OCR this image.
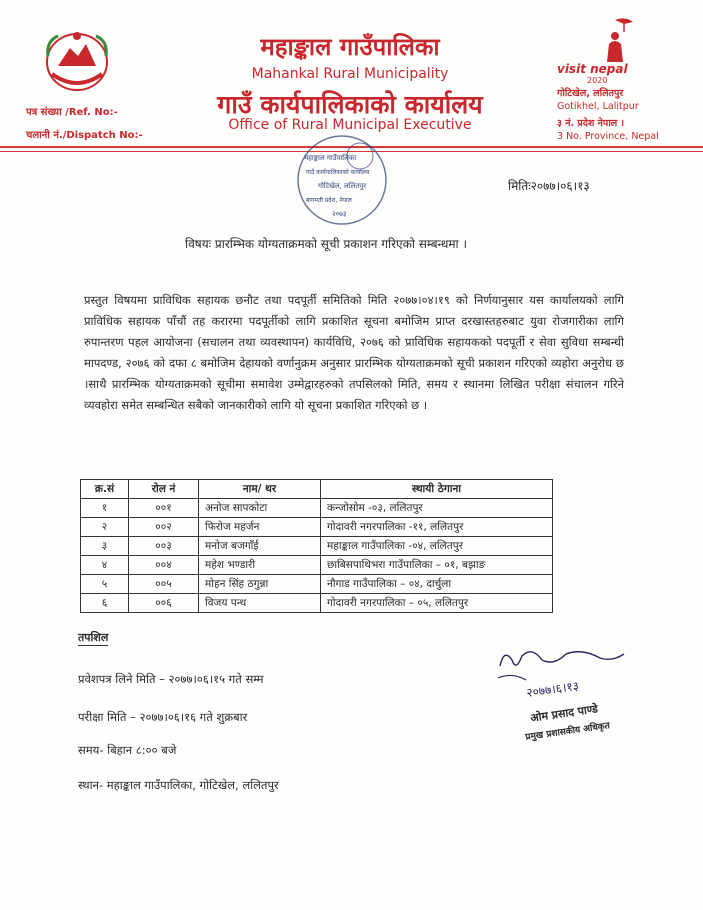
पत्र संख्या /Ref. No:-
चलानी नं./Dispatch No:-
महाङ्काल गाउँपालिका
Mahankal Rural Municipality
गाउँ कार्यपालिकाको कार्यालय
Office of Rural Municipal Executive
visit nepal
2020
गोटिखेल, ललितपुर
Gotikhel, Lalitpur
३ नं. प्रदेश नेपाल ।
3 No. Province, Nepal
महाङ्काल गाउँपालिका
गाउँ कार्यपालिकाको कार्यालय
गोटिखेल, ललितपुर
बागमती प्रदेश, नेपाल
२०७३
मितिः२०७७।०६।१३
विषयः प्रारम्भिक योग्यताक्रमको सूची प्रकाशन गरिएको सम्बन्धमा ।
प्रस्तुत विषयमा प्राविधिक सहायक छनौट तथा पदपूर्ती समितिको मिति २०७७।०४।१९ को निर्णयानुसार यस कार्यालयको लागि प्राविधिक सहायक पाँचौं तह करारमा पदपूर्तीको लागि प्रकाशित सूचना बमोजिम प्राप्त दरखास्तहरुबाट युवा रोजगारीका लागि रुपान्तरण पहल आयोजना (सचालन तथा व्यवस्थापन) कार्यविधि, २०७६ को प्राविधिक सहायकको पदपूर्ती र सेवा सुविधा सम्बन्धी मापदण्ड, २०७६ को दफा ८ बमोजिम देहायको वर्णानुक्रम अनुसार प्रारम्भिक योग्यताक्रमको सूची प्रकाशन गरिएको व्यहोरा अनुरोध छ ।साथै प्रारम्भिक योग्यताक्रमको सूचीमा समावेश उम्मेद्वारहरुको तपसिलको मिति, समय र स्थानमा लिखित परीक्षा संचालन गरिने व्यवहोरा समेत सम्बन्धित सबैको जानकारीको लागि यो सूचना प्रकाशित गरिएको छ ।
क्र.सं	रोल नं	नाम/ थर	स्थायी ठेगाना
१	००१	अनोज सापकोटा	कन्जोसोम -०३, ललितपुर
२	००२	फिरोज महर्जन	गोदावरी नगरपालिका -११, ललितपुर
३	००३	मनोज बजगाँई	महाङ्काल गाउँपालिका -०४, ललितपुर
४	००४	महेश भण्डारी	छाबिसपाथिभरा गाउँपालिका – ०१, बझाङ
५	००५	मोहन सिंह ठगुन्ना	नौगाड गाउँपालिका – ०४, दार्चुला
६	००६	विजय पन्थ	गोदावरी नगरपालिका – ०५, ललितपुर
तपशिल
प्रवेशपत्र लिने मिति – २०७७।०६।१५ गते सम्म
परीक्षा मिति – २०७७।०६।१६ गते शुक्रबार
समय- बिहान ८:०० बजे
स्थान- महाङ्काल गाउँपालिका, गोटिखेल, ललितपुर
२०७७।६।१३
ओम प्रसाद पाण्डे
प्रमुख प्रशासकीय अधिकृत
